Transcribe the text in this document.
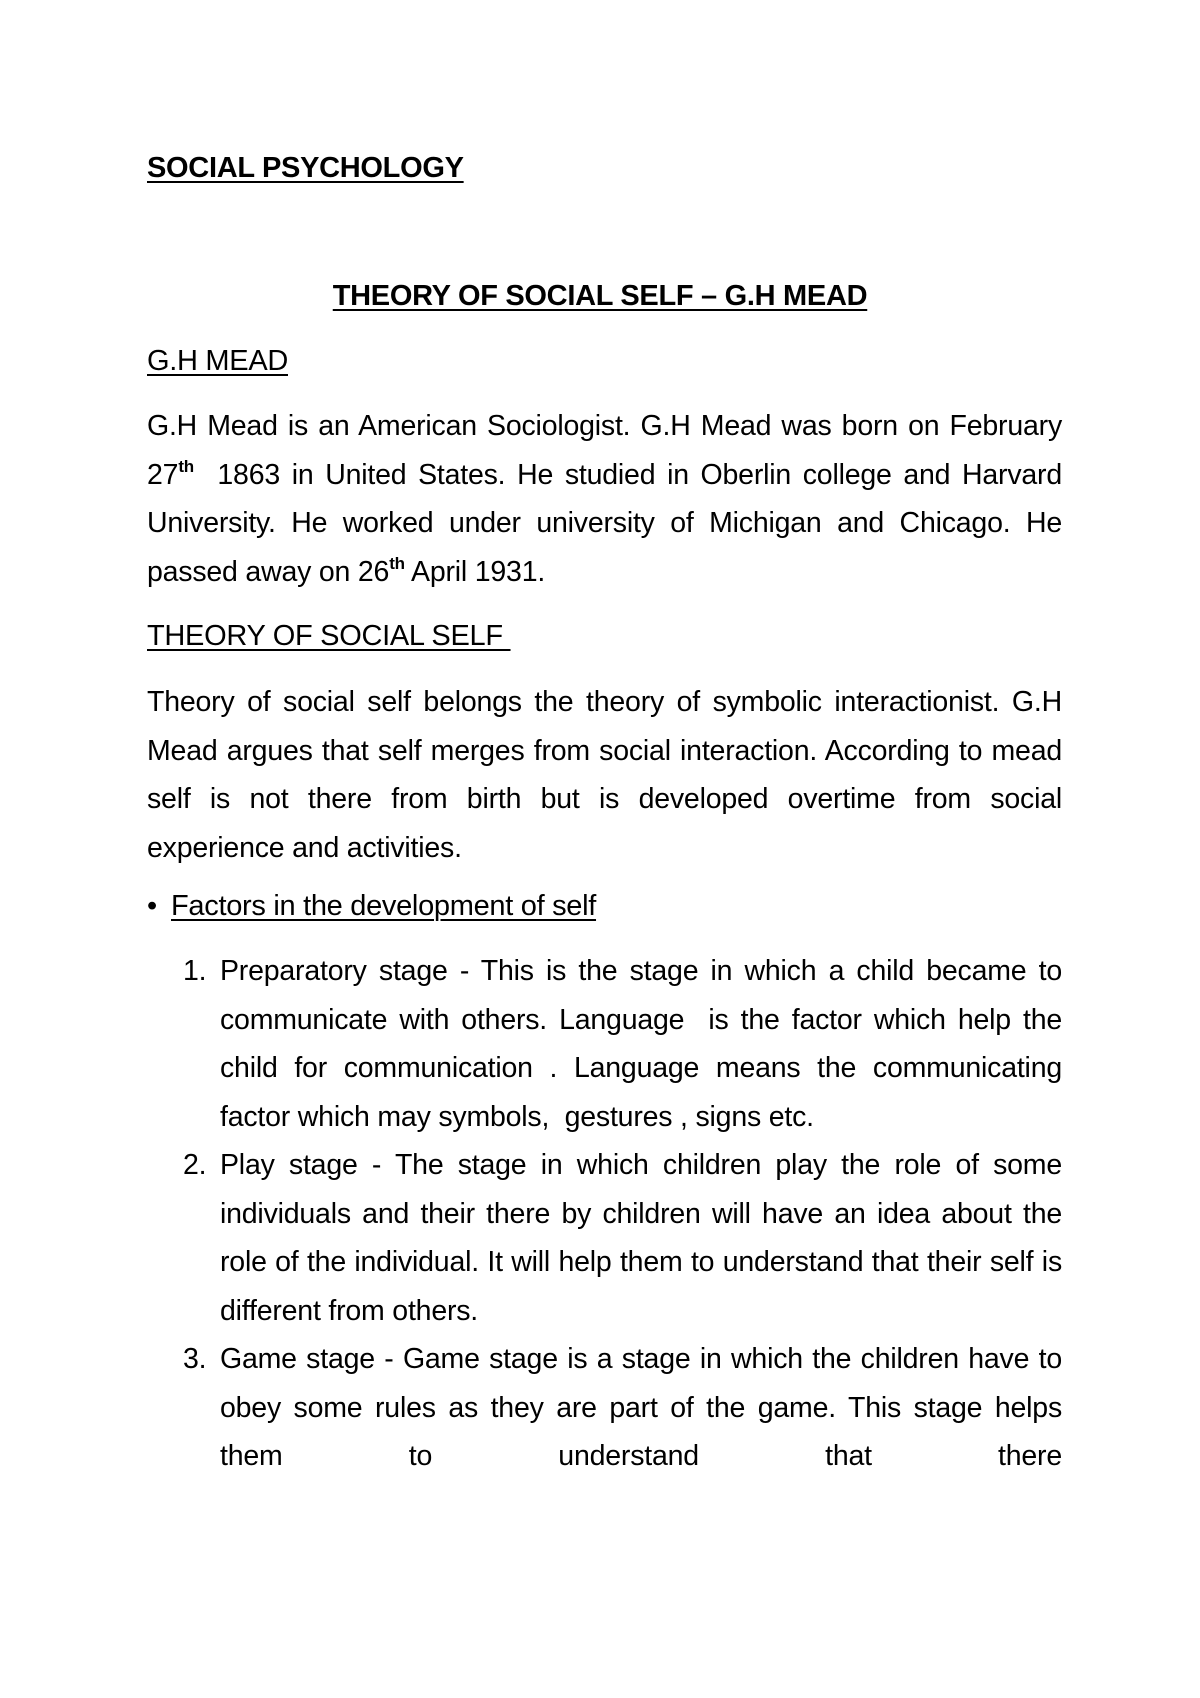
SOCIAL PSYCHOLOGY
THEORY OF SOCIAL SELF – G.H MEAD
G.H MEAD

G.H Mead is an American Sociologist. G.H Mead was born on February 27th  1863 in United States. He studied in Oberlin college and Harvard University. He worked under university of Michigan and Chicago. He passed away on 26th April 1931.

THEORY OF SOCIAL SELF

Theory of social self belongs the theory of symbolic interactionist. G.H Mead argues that self merges from social interaction. According to mead self is not there from birth but is developed overtime from social experience and activities.

• Factors in the development of self
1. Preparatory stage - This is the stage in which a child became to communicate with others. Language  is the factor which help the child for communication . Language means the communicating factor which may symbols,  gestures , signs etc.
2. Play stage - The stage in which children play the role of some individuals and their there by children will have an idea about the role of the individual. It will help them to understand that their self is different from others.
3. Game stage - Game stage is a stage in which the children have to obey some rules as they are part of the game. This stage helps them to understand that there
